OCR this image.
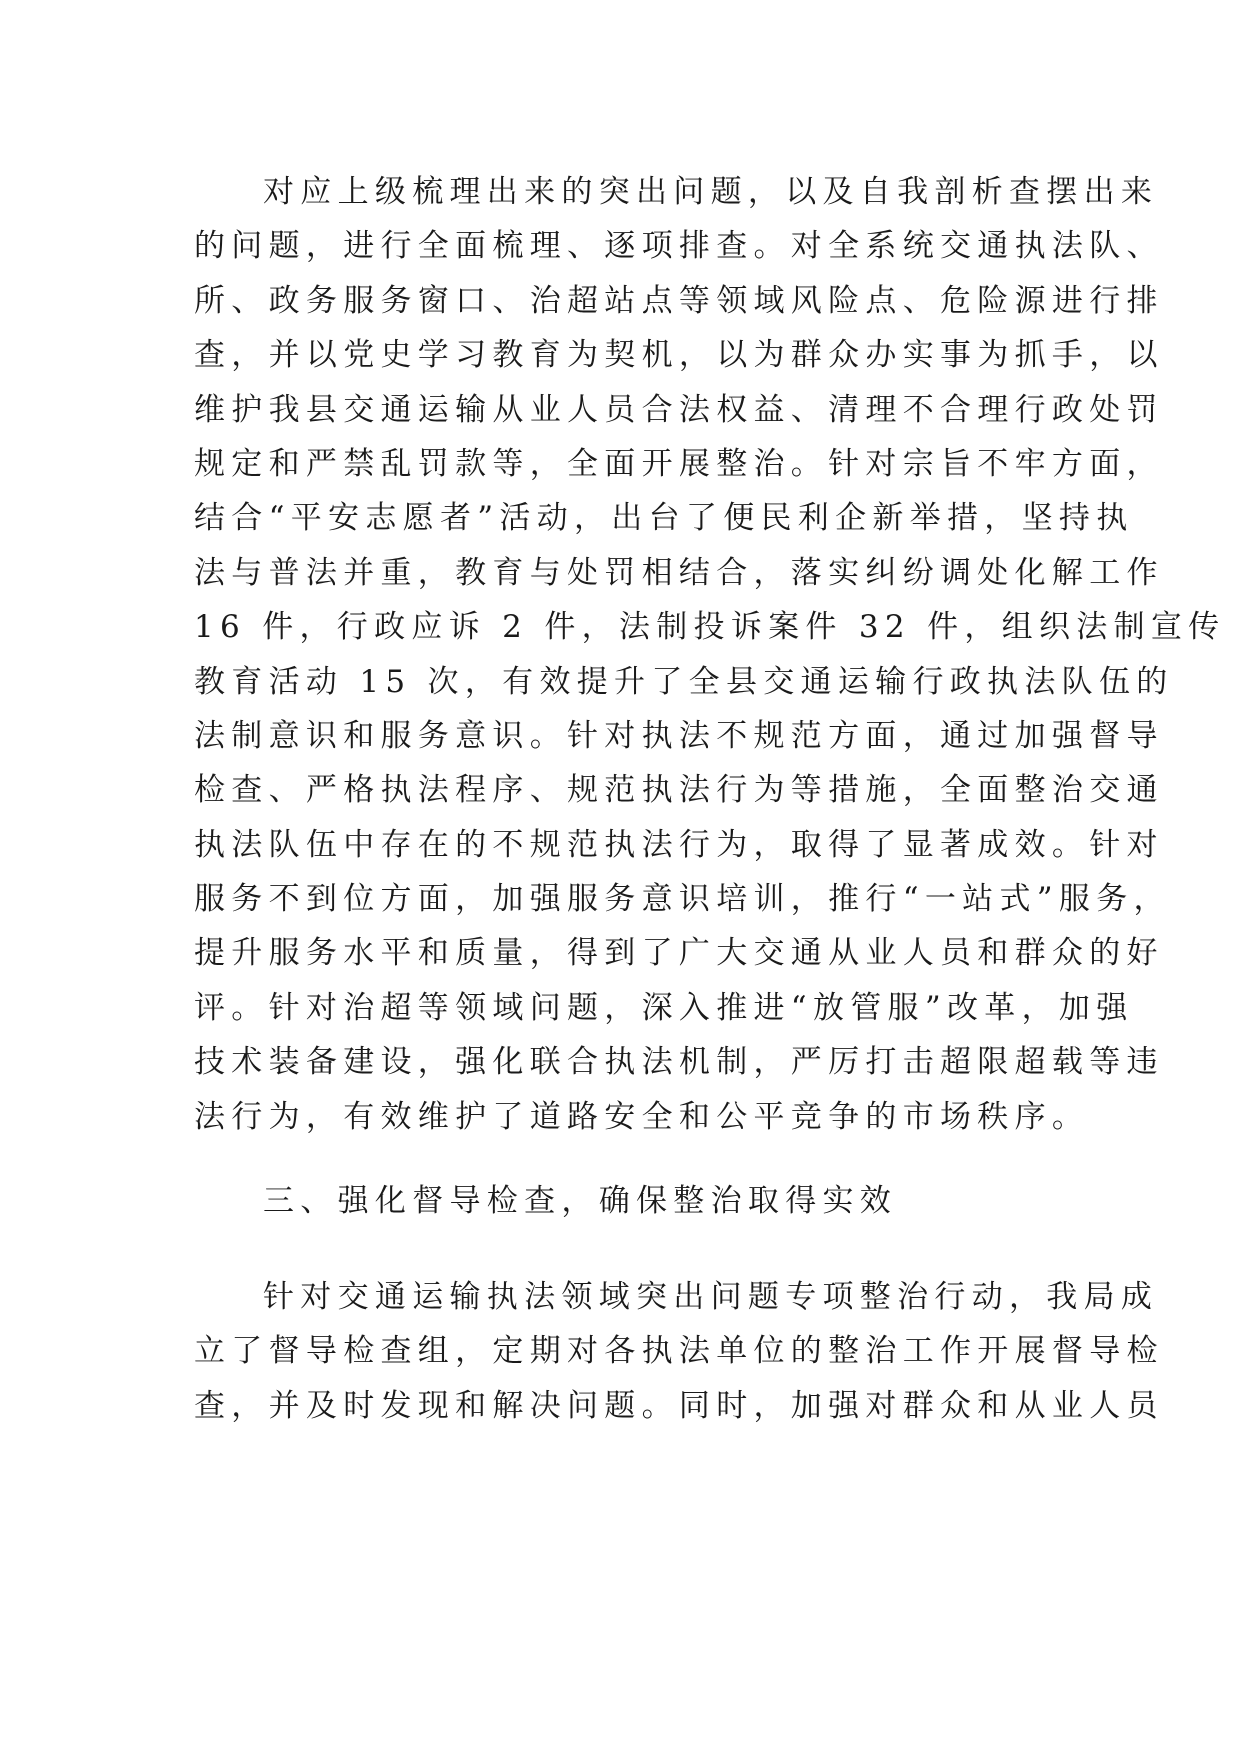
对应上级梳理出来的突出问题，以及自我剖析查摆出来
的问题，进行全面梳理、逐项排查。对全系统交通执法队、
所、政务服务窗口、治超站点等领域风险点、危险源进行排
查，并以党史学习教育为契机，以为群众办实事为抓手，以
维护我县交通运输从业人员合法权益、清理不合理行政处罚
规定和严禁乱罚款等，全面开展整治。针对宗旨不牢方面，
结合“平安志愿者”活动，出台了便民利企新举措，坚持执
法与普法并重，教育与处罚相结合，落实纠纷调处化解工作
16 件，行政应诉 2 件，法制投诉案件 32 件，组织法制宣传
教育活动 15 次，有效提升了全县交通运输行政执法队伍的
法制意识和服务意识。针对执法不规范方面，通过加强督导
检查、严格执法程序、规范执法行为等措施，全面整治交通
执法队伍中存在的不规范执法行为，取得了显著成效。针对
服务不到位方面，加强服务意识培训，推行“一站式”服务，
提升服务水平和质量，得到了广大交通从业人员和群众的好
评。针对治超等领域问题，深入推进“放管服”改革，加强
技术装备建设，强化联合执法机制，严厉打击超限超载等违
法行为，有效维护了道路安全和公平竞争的市场秩序。
三、强化督导检查，确保整治取得实效
针对交通运输执法领域突出问题专项整治行动，我局成
立了督导检查组，定期对各执法单位的整治工作开展督导检
查，并及时发现和解决问题。同时，加强对群众和从业人员
